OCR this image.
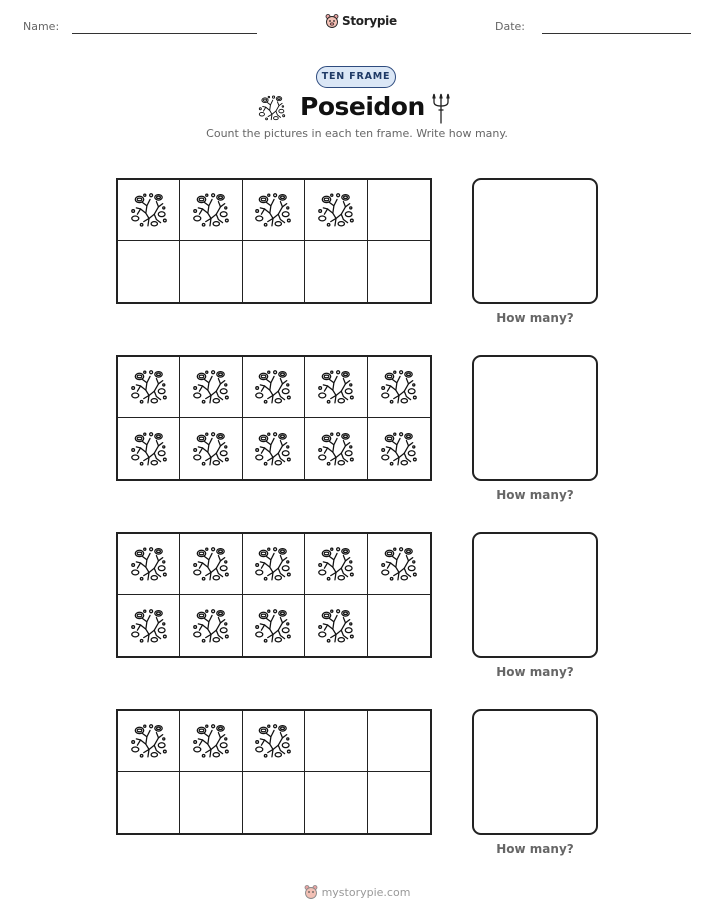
Name:	Storypie	Date:
TEN FRAME
Poseidon
Count the pictures in each ten frame. Write how many.
How many?
How many?
How many?
How many?
mystorypie.com
